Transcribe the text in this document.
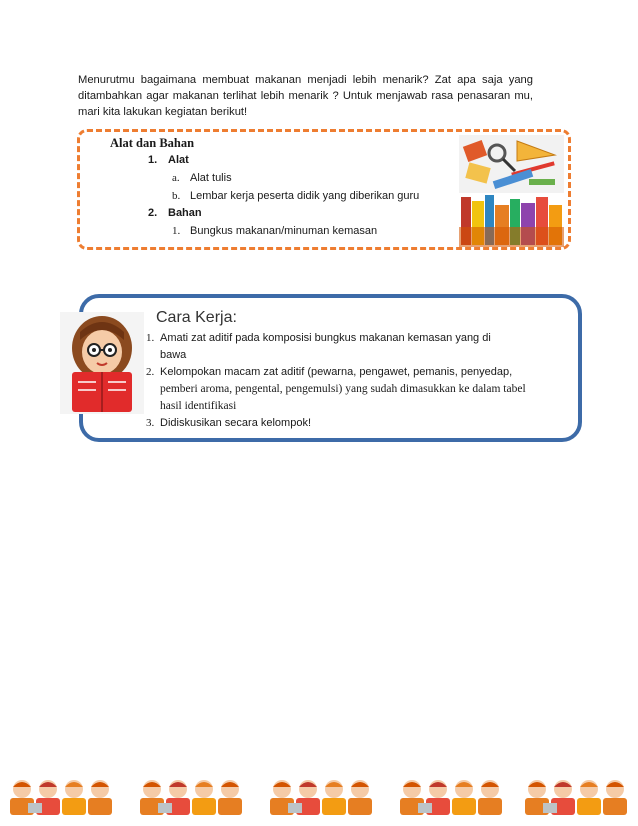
Menurutmu bagaimana membuat makanan menjadi lebih menarik? Zat apa saja yang ditambahkan agar makanan terlihat lebih menarik ? Untuk menjawab rasa penasaran mu, mari kita lakukan kegiatan berikut!

Alat dan Bahan
1. Alat
a. Alat tulis
b. Lembar kerja peserta didik yang diberikan guru
2. Bahan
1. Bungkus makanan/minuman kemasan
Cara Kerja:
1. Amati zat aditif pada komposisi bungkus makanan kemasan yang di
bawa
2. Kelompokan macam zat aditif (pewarna, pengawet, pemanis, penyedap,
pemberi aroma, pengental, pengemulsi) yang sudah dimasukkan ke dalam tabel
hasil identifikasi
3. Didiskusikan secara kelompok!
